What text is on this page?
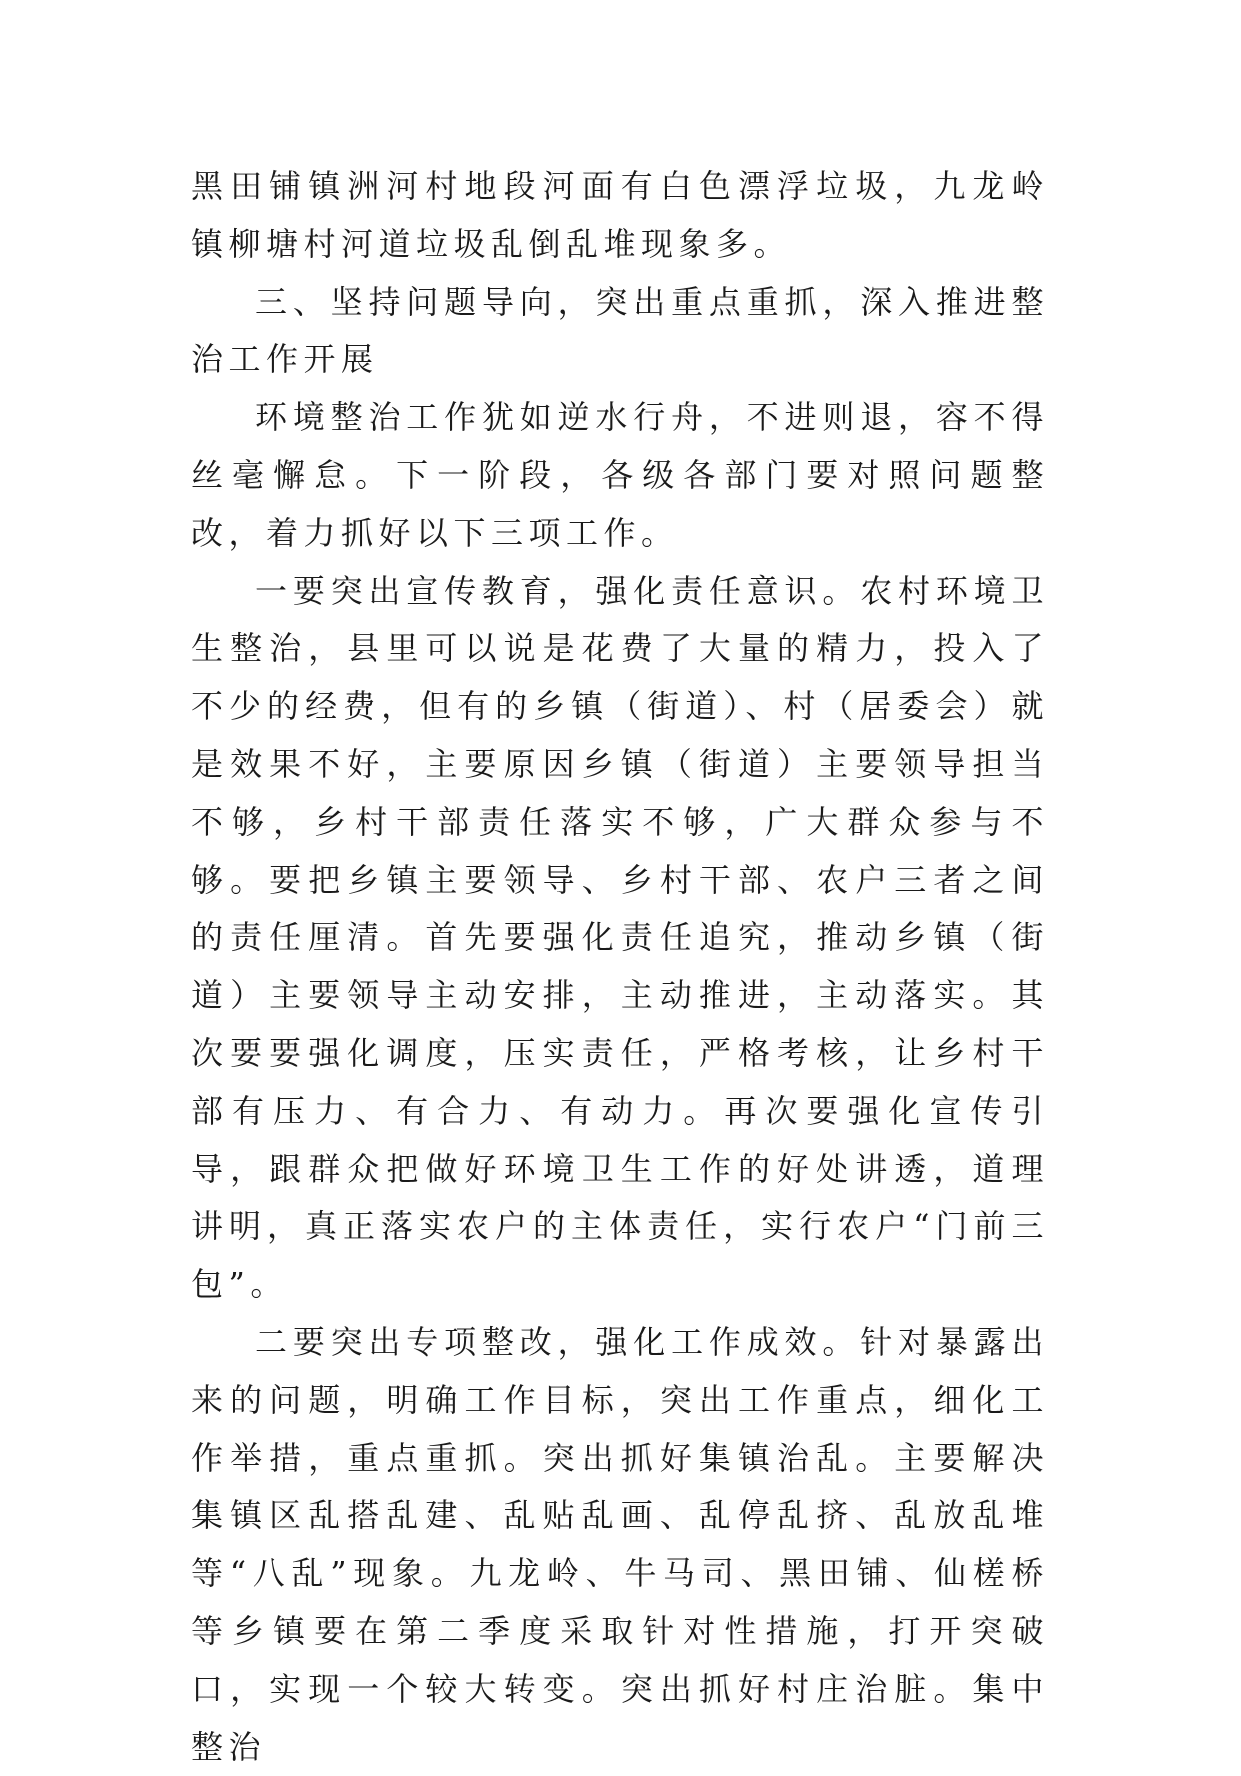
黑田铺镇洲河村地段河面有白色漂浮垃圾，九龙岭镇柳塘村河道垃圾乱倒乱堆现象多。

三、坚持问题导向，突出重点重抓，深入推进整治工作开展

环境整治工作犹如逆水行舟，不进则退，容不得丝毫懈怠。下一阶段，各级各部门要对照问题整改，着力抓好以下三项工作。

一要突出宣传教育，强化责任意识。农村环境卫生整治，县里可以说是花费了大量的精力，投入了不少的经费，但有的乡镇（街道）、村（居委会）就是效果不好，主要原因乡镇（街道）主要领导担当不够，乡村干部责任落实不够，广大群众参与不够。要把乡镇主要领导、乡村干部、农户三者之间的责任厘清。首先要强化责任追究，推动乡镇（街道）主要领导主动安排，主动推进，主动落实。其次要要强化调度，压实责任，严格考核，让乡村干部有压力、有合力、有动力。再次要强化宣传引导，跟群众把做好环境卫生工作的好处讲透，道理讲明，真正落实农户的主体责任，实行农户“门前三包”。

二要突出专项整改，强化工作成效。针对暴露出来的问题，明确工作目标，突出工作重点，细化工作举措，重点重抓。突出抓好集镇治乱。主要解决集镇区乱搭乱建、乱贴乱画、乱停乱挤、乱放乱堆等“八乱”现象。九龙岭、牛马司、黑田铺、仙槎桥等乡镇要在第二季度采取针对性措施，打开突破口，实现一个较大转变。突出抓好村庄治脏。集中整治
